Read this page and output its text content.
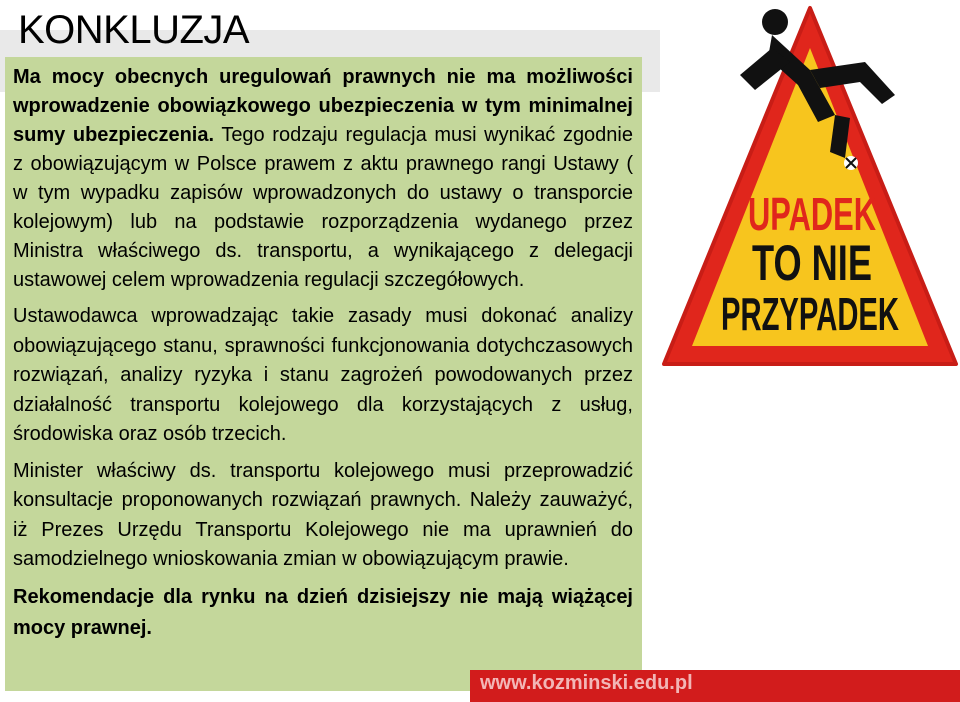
KONKLUZJA

Ma mocy obecnych uregulowań prawnych nie ma możliwości wprowadzenie obowiązkowego ubezpieczenia w tym minimalnej sumy ubezpieczenia. Tego rodzaju regulacja musi wynikać zgodnie z obowiązującym w Polsce prawem z aktu prawnego rangi Ustawy ( w tym wypadku zapisów wprowadzonych do ustawy o transporcie kolejowym) lub na podstawie rozporządzenia wydanego przez Ministra właściwego ds. transportu, a wynikającego z delegacji ustawowej celem wprowadzenia regulacji szczegółowych.

Ustawodawca wprowadzając takie zasady musi dokonać analizy obowiązującego stanu, sprawności funkcjonowania dotychczasowych rozwiązań, analizy ryzyka i stanu zagrożeń powodowanych przez działalność transportu kolejowego dla korzystających z usług, środowiska oraz osób trzecich.

Minister właściwy ds. transportu kolejowego musi przeprowadzić konsultacje proponowanych rozwiązań prawnych. Należy zauważyć, iż Prezes Urzędu Transportu Kolejowego nie ma uprawnień do samodzielnego wnioskowania zmian w obowiązującym prawie.

Rekomendacje dla rynku na dzień dzisiejszy nie mają wiążącej mocy prawnej.

UPADEK
TO NIE
PRZYPADEK
www.kozminski.edu.pl
